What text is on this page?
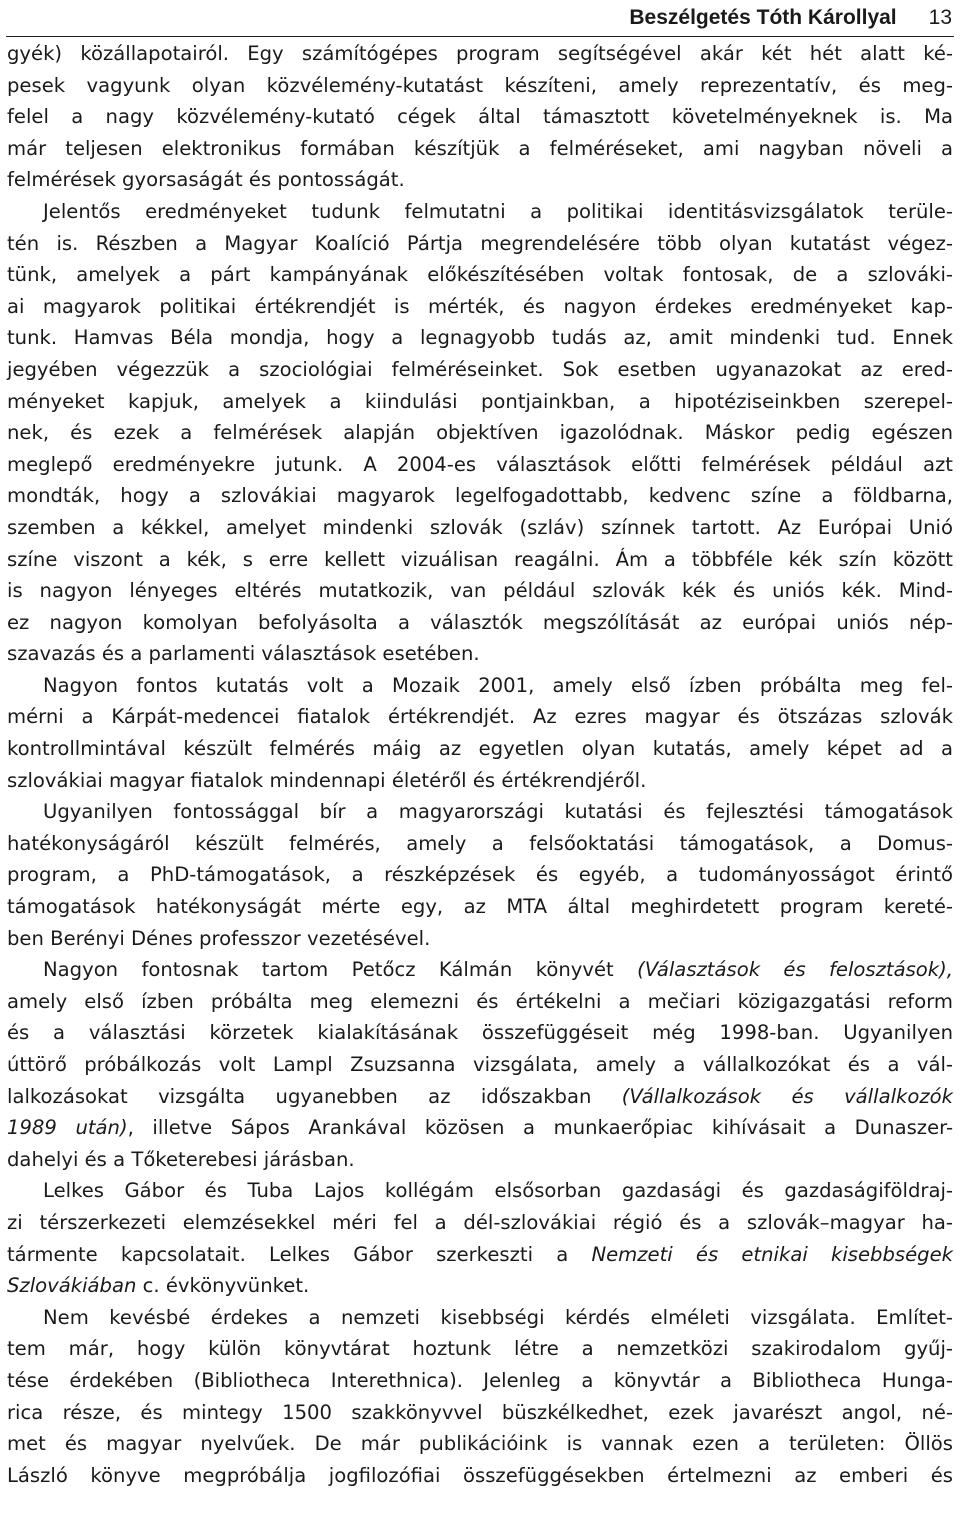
Beszélgetés Tóth Károllyal 13
gyék) közállapotairól. Egy számítógépes program segítségével akár két hét alatt ké-
pesek vagyunk olyan közvélemény-kutatást készíteni, amely reprezentatív, és meg-
felel a nagy közvélemény-kutató cégek által támasztott követelményeknek is. Ma
már teljesen elektronikus formában készítjük a felméréseket, ami nagyban növeli a
felmérések gyorsaságát és pontosságát.
Jelentős eredményeket tudunk felmutatni a politikai identitásvizsgálatok terüle-
tén is. Részben a Magyar Koalíció Pártja megrendelésére több olyan kutatást végez-
tünk, amelyek a párt kampányának előkészítésében voltak fontosak, de a szlováki-
ai magyarok politikai értékrendjét is mérték, és nagyon érdekes eredményeket kap-
tunk. Hamvas Béla mondja, hogy a legnagyobb tudás az, amit mindenki tud. Ennek
jegyében végezzük a szociológiai felméréseinket. Sok esetben ugyanazokat az ered-
ményeket kapjuk, amelyek a kiindulási pontjainkban, a hipotéziseinkben szerepel-
nek, és ezek a felmérések alapján objektíven igazolódnak. Máskor pedig egészen
meglepő eredményekre jutunk. A 2004-es választások előtti felmérések például azt
mondták, hogy a szlovákiai magyarok legelfogadottabb, kedvenc színe a földbarna,
szemben a kékkel, amelyet mindenki szlovák (szláv) színnek tartott. Az Európai Unió
színe viszont a kék, s erre kellett vizuálisan reagálni. Ám a többféle kék szín között
is nagyon lényeges eltérés mutatkozik, van például szlovák kék és uniós kék. Mind-
ez nagyon komolyan befolyásolta a választók megszólítását az európai uniós nép-
szavazás és a parlamenti választások esetében.
Nagyon fontos kutatás volt a Mozaik 2001, amely első ízben próbálta meg fel-
mérni a Kárpát-medencei fiatalok értékrendjét. Az ezres magyar és ötszázas szlovák
kontrollmintával készült felmérés máig az egyetlen olyan kutatás, amely képet ad a
szlovákiai magyar fiatalok mindennapi életéről és értékrendjéről.
Ugyanilyen fontossággal bír a magyarországi kutatási és fejlesztési támogatások
hatékonyságáról készült felmérés, amely a felsőoktatási támogatások, a Domus-
program, a PhD-támogatások, a részképzések és egyéb, a tudományosságot érintő
támogatások hatékonyságát mérte egy, az MTA által meghirdetett program kereté-
ben Berényi Dénes professzor vezetésével.
Nagyon fontosnak tartom Petőcz Kálmán könyvét (Választások és felosztások),
amely első ízben próbálta meg elemezni és értékelni a mečiari közigazgatási reform
és a választási körzetek kialakításának összefüggéseit még 1998-ban. Ugyanilyen
úttörő próbálkozás volt Lampl Zsuzsanna vizsgálata, amely a vállalkozókat és a vál-
lalkozásokat vizsgálta ugyanebben az időszakban (Vállalkozások és vállalkozók
1989 után), illetve Sápos Arankával közösen a munkaerőpiac kihívásait a Dunaszer-
dahelyi és a Tőketerebesi járásban.
Lelkes Gábor és Tuba Lajos kollégám elsősorban gazdasági és gazdaságiföldraj-
zi térszerkezeti elemzésekkel méri fel a dél-szlovákiai régió és a szlovák–magyar ha-
tármente kapcsolatait. Lelkes Gábor szerkeszti a Nemzeti és etnikai kisebbségek
Szlovákiában c. évkönyvünket.
Nem kevésbé érdekes a nemzeti kisebbségi kérdés elméleti vizsgálata. Említet-
tem már, hogy külön könyvtárat hoztunk létre a nemzetközi szakirodalom gyűj-
tése érdekében (Bibliotheca Interethnica). Jelenleg a könyvtár a Bibliotheca Hunga-
rica része, és mintegy 1500 szakkönyvvel büszkélkedhet, ezek javarészt angol, né-
met és magyar nyelvűek. De már publikációink is vannak ezen a területen: Öllös
László könyve megpróbálja jogfilozófiai összefüggésekben értelmezni az emberi és
